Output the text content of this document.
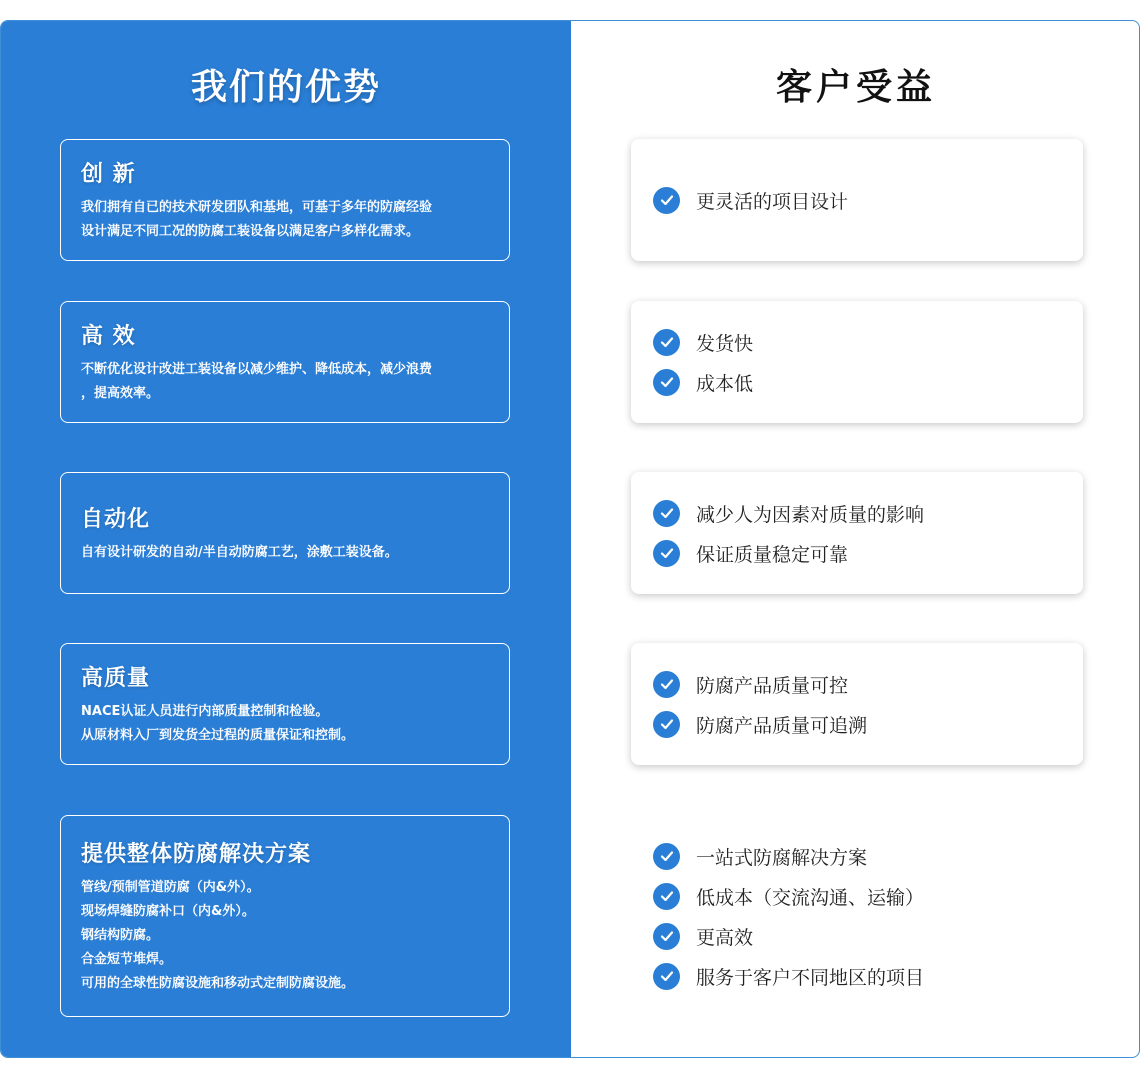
我们的优势	客户受益
创 新
我们拥有自已的技术研发团队和基地，可基于多年的防腐经验
设计满足不同工况的防腐工装设备以满足客户多样化需求。
高 效
不断优化设计改进工装设备以减少维护、降低成本，减少浪费
，提高效率。
自动化
自有设计研发的自动/半自动防腐工艺，涂敷工装设备。
高质量
NACE认证人员进行内部质量控制和检验。
从原材料入厂到发货全过程的质量保证和控制。
提供整体防腐解决方案
管线/预制管道防腐（内&外）。
现场焊缝防腐补口（内&外）。
钢结构防腐。
合金短节堆焊。
可用的全球性防腐设施和移动式定制防腐设施。
更灵活的项目设计
发货快
成本低
减少人为因素对质量的影响
保证质量稳定可靠
防腐产品质量可控
防腐产品质量可追溯
一站式防腐解决方案
低成本（交流沟通、运输）
更高效
服务于客户不同地区的项目
